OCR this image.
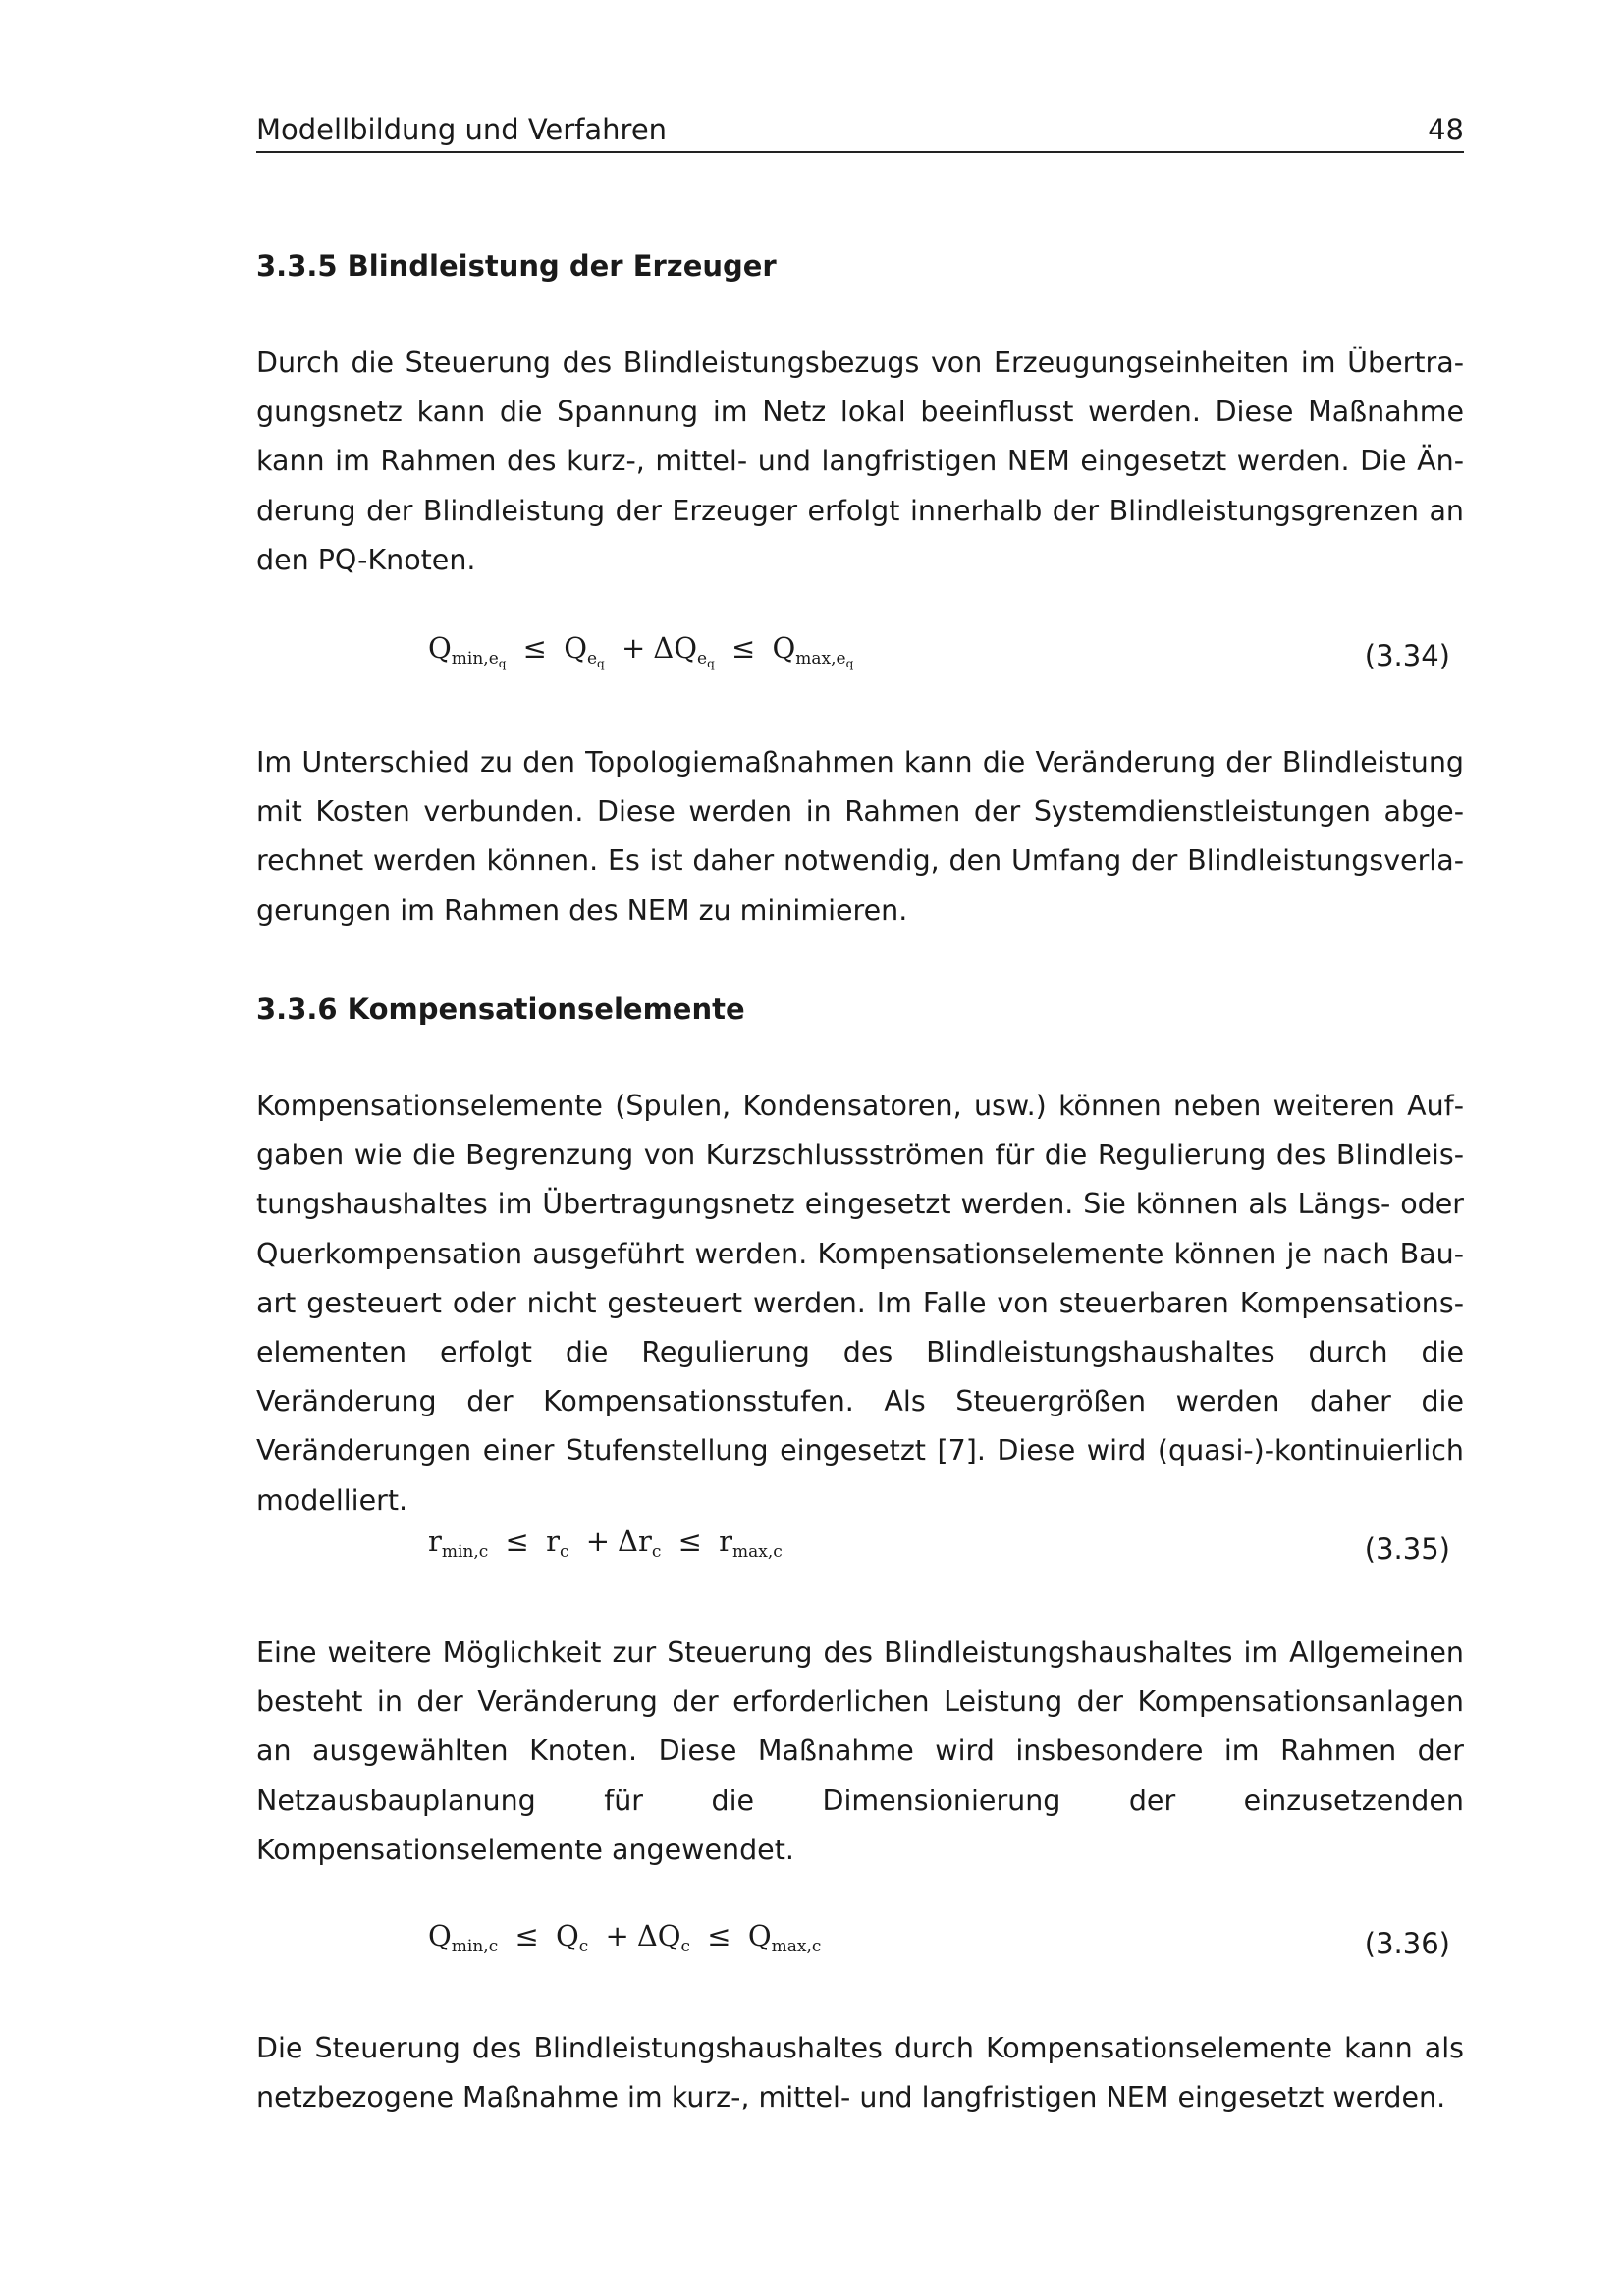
Modellbildung und Verfahren	48
3.3.5 Blindleistung der Erzeuger

Durch die Steuerung des Blindleistungsbezugs von Erzeugungseinheiten im Übertragungsnetz kann die Spannung im Netz lokal beeinflusst werden. Diese Maßnahme kann im Rahmen des kurz-, mittel- und langfristigen NEM eingesetzt werden. Die Änderung der Blindleistung der Erzeuger erfolgt innerhalb der Blindleistungsgrenzen an den PQ-Knoten.

$Q_{min,e_q} \le Q_{e_q} + \Delta Q_{e_q} \le Q_{max,e_q}$	(3.34)

Im Unterschied zu den Topologiemaßnahmen kann die Veränderung der Blindleistung mit Kosten verbunden. Diese werden in Rahmen der Systemdienstleistungen abgerechnet werden können. Es ist daher notwendig, den Umfang der Blindleistungsverlagerungen im Rahmen des NEM zu minimieren.

3.3.6 Kompensationselemente

Kompensationselemente (Spulen, Kondensatoren, usw.) können neben weiteren Aufgaben wie die Begrenzung von Kurzschlussströmen für die Regulierung des Blindleistungshaushaltes im Übertragungsnetz eingesetzt werden. Sie können als Längs- oder Querkompensation ausgeführt werden. Kompensationselemente können je nach Bauart gesteuert oder nicht gesteuert werden. Im Falle von steuerbaren Kompensationselementen erfolgt die Regulierung des Blindleistungshaushaltes durch die Veränderung der Kompensationsstufen. Als Steuergrößen werden daher die Veränderungen einer Stufenstellung eingesetzt [7]. Diese wird (quasi-)-kontinuierlich modelliert.

$r_{min,c} \le r_c + \Delta r_c \le r_{max,c}$	(3.35)

Eine weitere Möglichkeit zur Steuerung des Blindleistungshaushaltes im Allgemeinen besteht in der Veränderung der erforderlichen Leistung der Kompensationsanlagen an ausgewählten Knoten. Diese Maßnahme wird insbesondere im Rahmen der Netzausbauplanung für die Dimensionierung der einzusetzenden Kompensationselemente angewendet.

$Q_{min,c} \le Q_c + \Delta Q_c \le Q_{max,c}$	(3.36)

Die Steuerung des Blindleistungshaushaltes durch Kompensationselemente kann als netzbezogene Maßnahme im kurz-, mittel- und langfristigen NEM eingesetzt werden.
